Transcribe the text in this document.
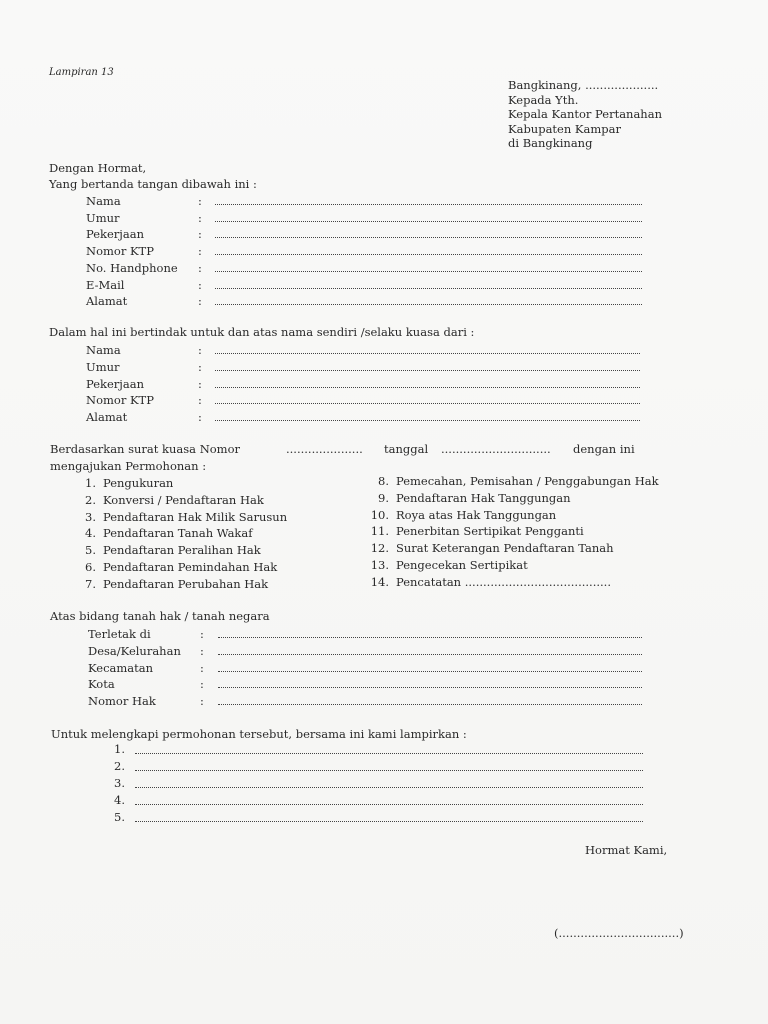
Lampiran 13
Bangkinang, ....................
Kepada Yth.
Kepala Kantor Pertanahan
Kabupaten Kampar
di Bangkinang
Dengan Hormat,
Yang bertanda tangan dibawah ini :
Nama	:
Umur	:
Pekerjaan	:
Nomor KTP	:
No. Handphone :
E-Mail	:
Alamat	:
Dalam hal ini bertindak untuk dan atas nama sendiri /selaku kuasa dari :
Nama	:
Umur	:
Pekerjaan	:
Nomor KTP	:
Alamat	:
Berdasarkan surat kuasa Nomor	..................... tanggal .............................. dengan ini
mengajukan Permohonan :
1. Pengukuran
2. Konversi / Pendaftaran Hak
3. Pendaftaran Hak Milik Sarusun
4. Pendaftaran Tanah Wakaf
5. Pendaftaran Peralihan Hak
6. Pendaftaran Pemindahan Hak
7. Pendaftaran Perubahan Hak
8. Pemecahan, Pemisahan / Penggabungan Hak
9. Pendaftaran Hak Tanggungan
10. Roya atas Hak Tanggungan
11. Penerbitan Sertipikat Pengganti
12. Surat Keterangan Pendaftaran Tanah
13. Pengecekan Sertipikat
14. Pencatatan ........................................
Atas bidang tanah hak / tanah negara
Terletak di	:
Desa/Kelurahan :
Kecamatan	:
Kota	:
Nomor Hak	:
Untuk melengkapi permohonan tersebut, bersama ini kami lampirkan :
1.
2.
3.
4.
5.
Hormat Kami,
(.................................)
